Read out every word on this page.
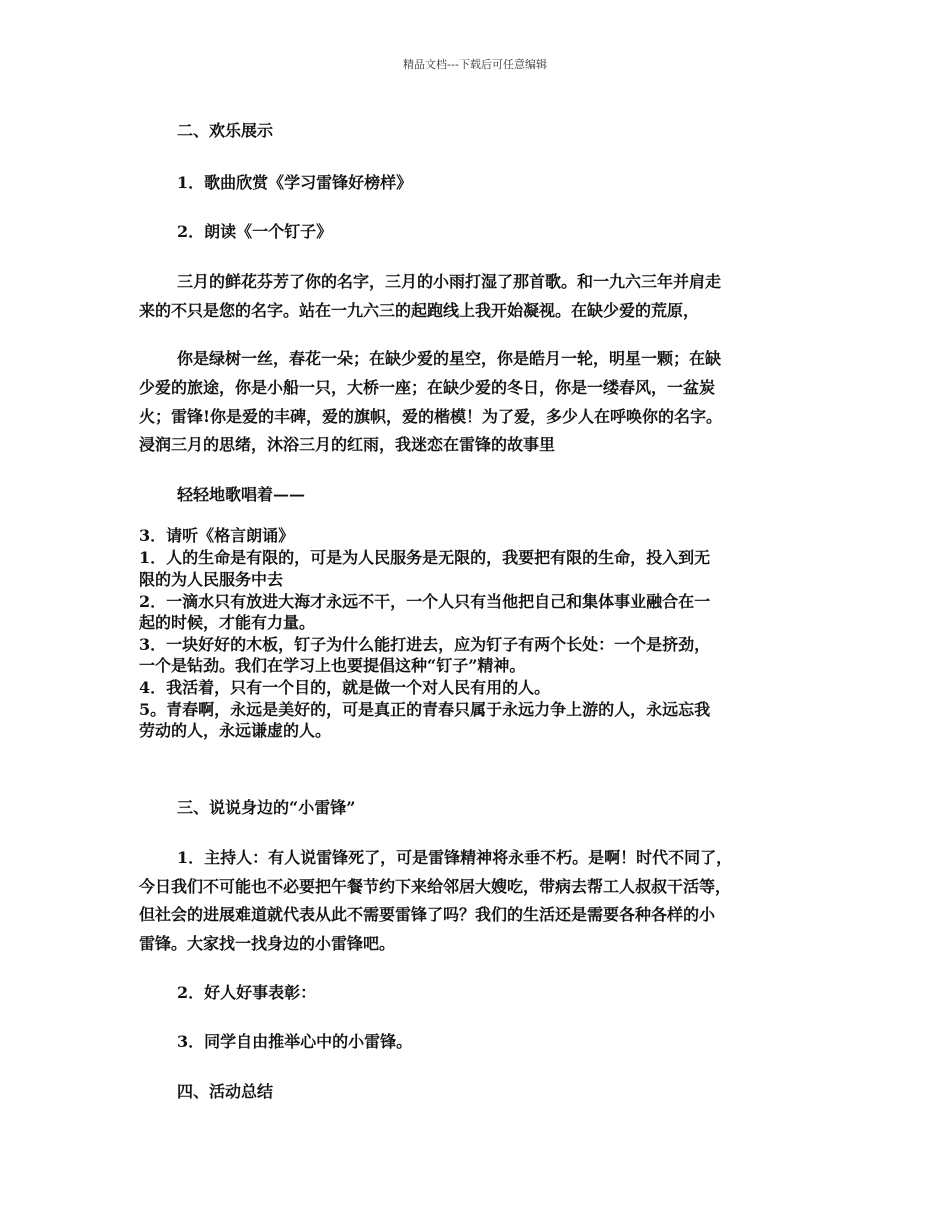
精品文档---下载后可任意编辑
二、欢乐展示
1．歌曲欣赏《学习雷锋好榜样》
2．朗读《一个钉子》
三月的鲜花芬芳了你的名字，三月的小雨打湿了那首歌。和一九六三年并肩走
来的不只是您的名字。站在一九六三的起跑线上我开始凝视。在缺少爱的荒原，
你是绿树一丝，春花一朵；在缺少爱的星空，你是皓月一轮，明星一颗；在缺
少爱的旅途，你是小船一只，大桥一座；在缺少爱的冬日，你是一缕春风，一盆炭
火；雷锋!你是爱的丰碑，爱的旗帜，爱的楷模！为了爱，多少人在呼唤你的名字。
浸润三月的思绪，沐浴三月的红雨，我迷恋在雷锋的故事里
轻轻地歌唱着——
3．请听《格言朗诵》
1．人的生命是有限的，可是为人民服务是无限的，我要把有限的生命，投入到无
限的为人民服务中去
2．一滴水只有放进大海才永远不干，一个人只有当他把自己和集体事业融合在一
起的时候，才能有力量。
3．一块好好的木板，钉子为什么能打进去，应为钉子有两个长处：一个是挤劲，
一个是钻劲。我们在学习上也要提倡这种“钉子”精神。
4．我活着，只有一个目的，就是做一个对人民有用的人。
5。青春啊，永远是美好的，可是真正的青春只属于永远力争上游的人，永远忘我
劳动的人，永远谦虚的人。
三、说说身边的“小雷锋”
1．主持人：有人说雷锋死了，可是雷锋精神将永垂不朽。是啊！时代不同了，
今日我们不可能也不必要把午餐节约下来给邻居大嫂吃，带病去帮工人叔叔干活等，
但社会的进展难道就代表从此不需要雷锋了吗？我们的生活还是需要各种各样的小
雷锋。大家找一找身边的小雷锋吧。
2．好人好事表彰：
3．同学自由推举心中的小雷锋。
四、活动总结
